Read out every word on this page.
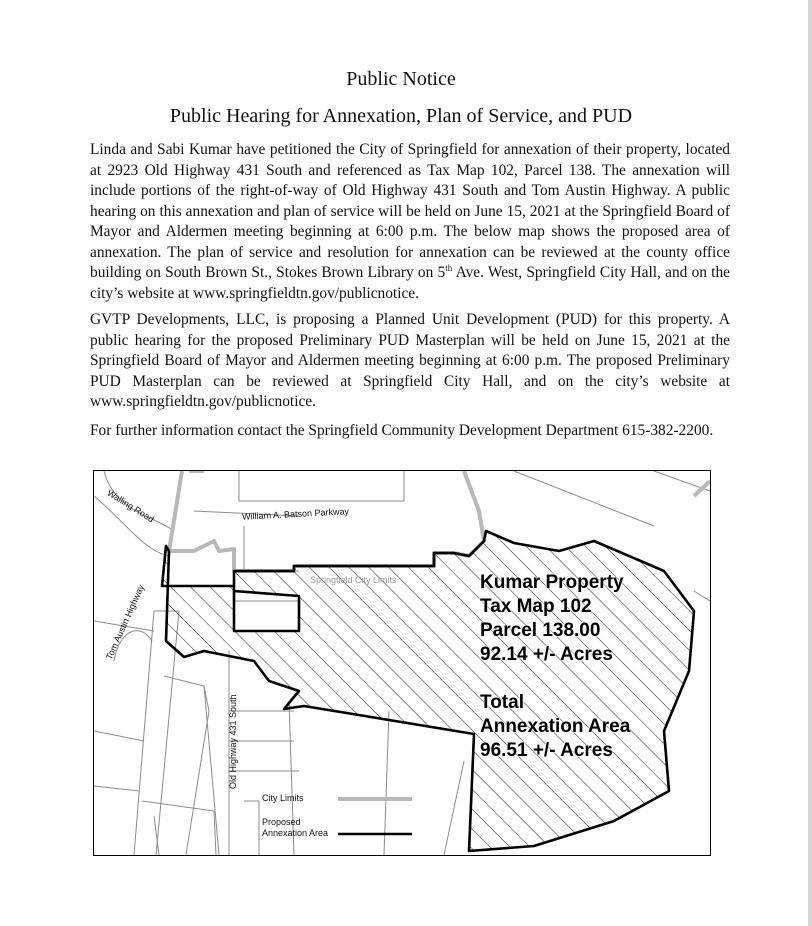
Public Notice
Public Hearing for Annexation, Plan of Service, and PUD
Linda and Sabi Kumar have petitioned the City of Springfield for annexation of their property, located at 2923 Old Highway 431 South and referenced as Tax Map 102, Parcel 138. The annexation will include portions of the right-of-way of Old Highway 431 South and Tom Austin Highway. A public hearing on this annexation and plan of service will be held on June 15, 2021 at the Springfield Board of Mayor and Aldermen meeting beginning at 6:00 p.m. The below map shows the proposed area of annexation. The plan of service and resolution for annexation can be reviewed at the county office building on South Brown St., Stokes Brown Library on 5th Ave. West, Springfield City Hall, and on the city’s website at www.springfieldtn.gov/publicnotice.
GVTP Developments, LLC, is proposing a Planned Unit Development (PUD) for this property. A public hearing for the proposed Preliminary PUD Masterplan will be held on June 15, 2021 at the Springfield Board of Mayor and Aldermen meeting beginning at 6:00 p.m. The proposed Preliminary PUD Masterplan can be reviewed at Springfield City Hall, and on the city’s website at www.springfieldtn.gov/publicnotice.
For further information contact the Springfield Community Development Department 615-382-2200.
Walling Road	William A. Batson Parkway
Tom Austin Highway
Old Highway 431 South
Springfield City Limits	Kumar Property
Tax Map 102
Parcel 138.00
92.14 +/- Acres
Total
Annexation Area
96.51 +/- Acres
City Limits
Proposed
Annexation Area
